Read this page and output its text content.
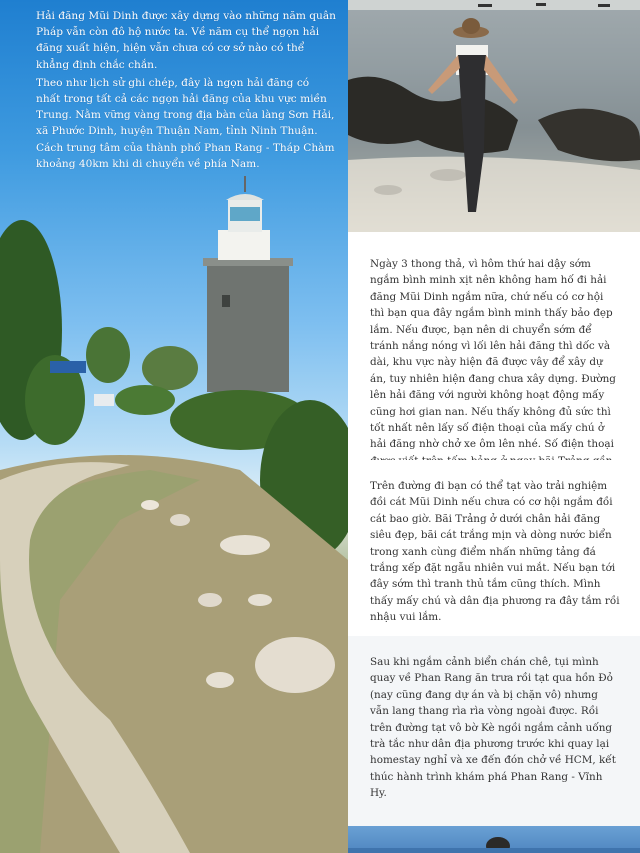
Hải đăng Mũi Dinh được xây dựng vào những năm quân Pháp vẫn còn đô hộ nước ta. Về năm cụ thể ngọn hải đăng xuất hiện, hiện vẫn chưa có cơ sở nào có thể khẳng định chắc chắn.

Theo như lịch sử ghi chép, đây là ngọn hải đăng có nhất trong tất cả các ngọn hải đăng của khu vực miền Trung. Nằm vững vàng trong địa bàn của làng Sơn Hải, xã Phước Dinh, huyện Thuận Nam, tỉnh Ninh Thuận. Cách trung tâm của thành phố Phan Rang - Tháp Chàm khoảng 40km khi di chuyển về phía Nam.

Ngày 3 thong thả, vì hôm thứ hai dậy sớm ngắm bình minh xịt nên không ham hố đi hải đăng Mũi Dinh ngắm nữa, chứ nếu có cơ hội thì bạn qua đây ngắm bình minh thấy bảo đẹp lắm. Nếu được, bạn nên di chuyển sớm để tránh nắng nóng vì lối lên hải đăng thì dốc và dài, khu vực này hiện đã được vây để xây dự án, tuy nhiên hiện đang chưa xây dựng. Đường lên hải đăng với người không hoạt động mấy cũng hơi gian nan. Nếu thấy không đủ sức thì tốt nhất nên lấy số điện thoại của mấy chú ở hải đăng nhờ chở xe ôm lên nhé. Số điện thoại

Trên đường đi bạn có thể tạt vào trải nghiệm đồi cát Mũi Dinh nếu chưa có cơ hội ngắm đồi cát bao giờ. Bãi Trảng ở dưới chân hải đăng siêu đẹp, bãi cát trắng mịn và dòng nước biển trong xanh cùng điểm nhấn những tảng đá trắng xếp đặt ngẫu nhiên vui mắt. Nếu bạn tới đây sớm thì tranh thủ tắm cũng thích. Mình thấy mấy chú và dân địa phương ra đây tắm rồi nhậu vui lắm.

Sau khi ngắm cảnh biển chán chê, tụi mình quay về Phan Rang ăn trưa rồi tạt qua hồn Đỏ (nay cũng đang dự án và bị chặn vô) nhưng vẫn lang thang rìa rìa vòng ngoài được. Rồi trên đường tạt vô bờ Kè ngồi ngắm cảnh uống trà tắc như dân địa phương trước khi quay lại homestay nghỉ và xe đến đón chở về HCM, kết thúc hành trình khám phá Phan Rang - Vĩnh Hy.
